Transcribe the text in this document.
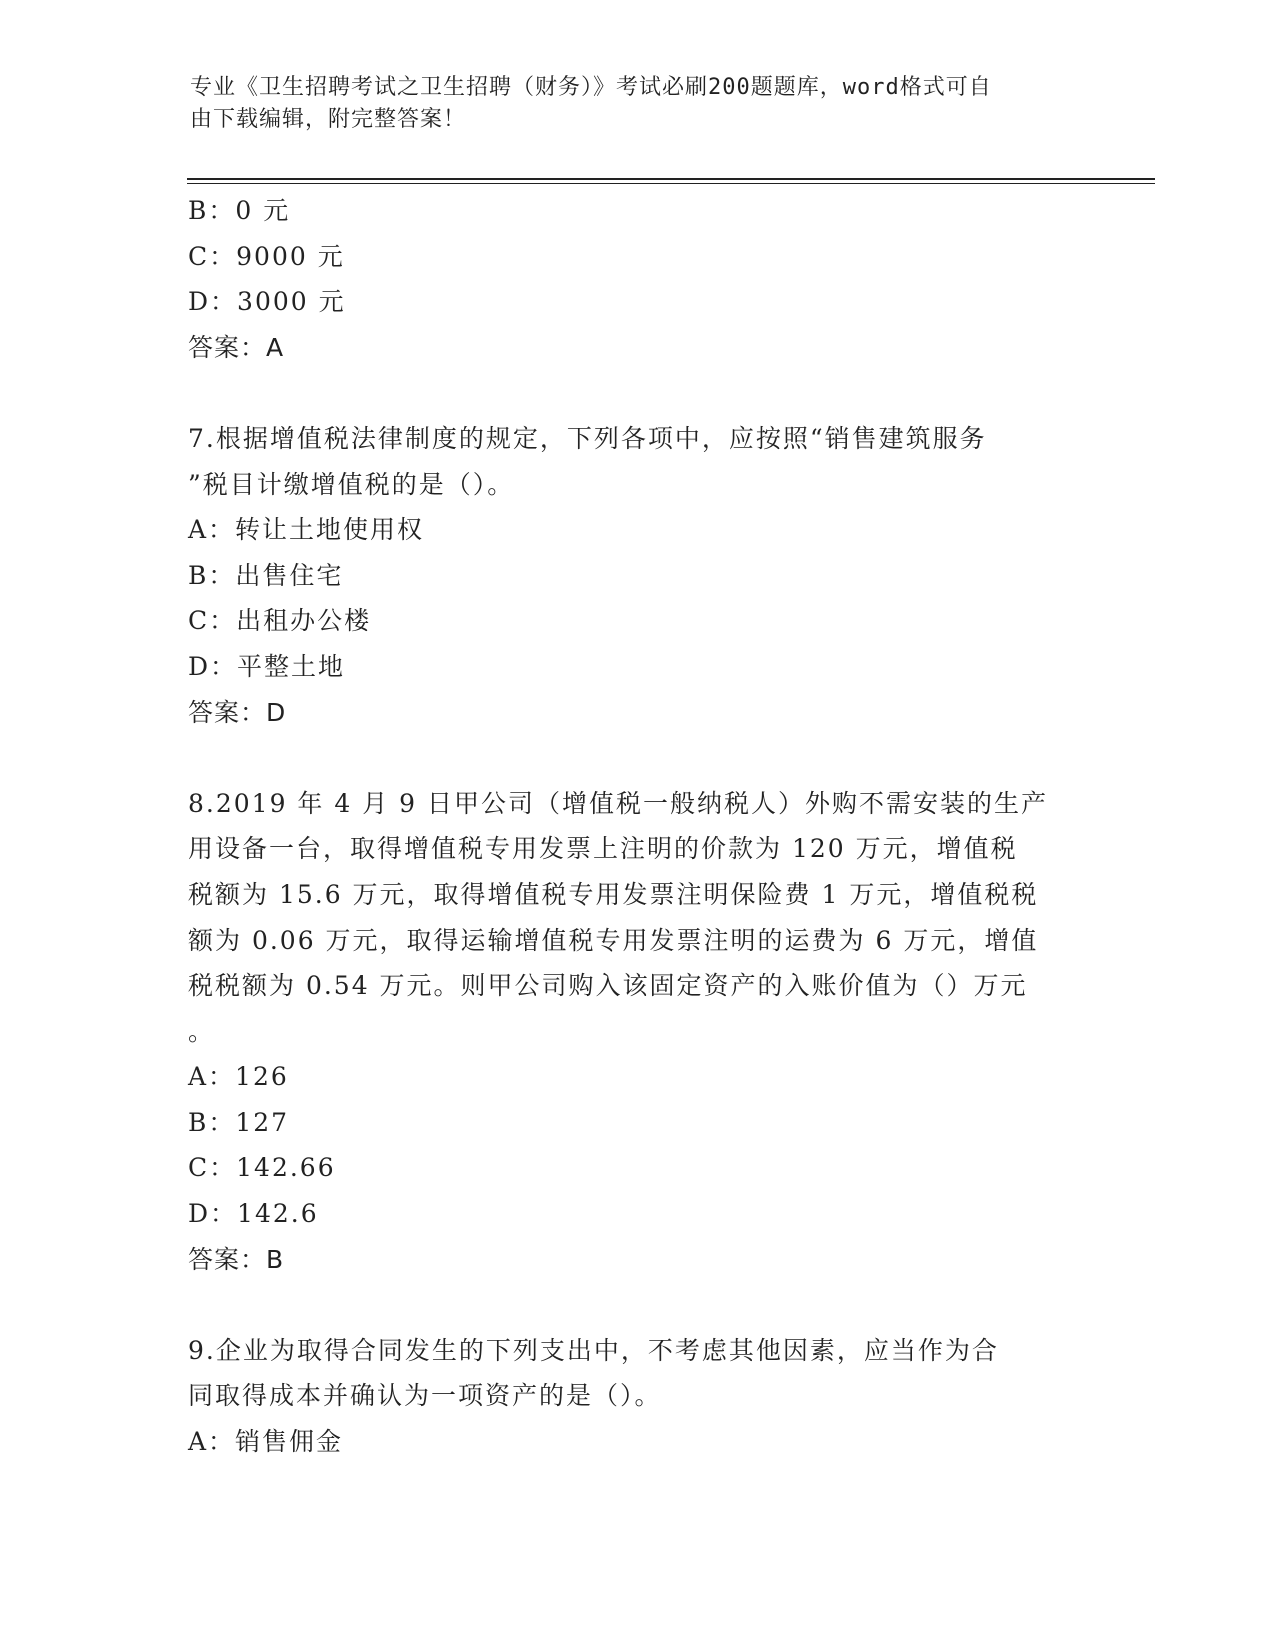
专业《卫生招聘考试之卫生招聘（财务）》考试必刷200题题库，word格式可自
由下载编辑，附完整答案！
B：0 元
C：9000 元
D：3000 元
答案：A
7.根据增值税法律制度的规定，下列各项中，应按照“销售建筑服务
”税目计缴增值税的是（）。
A：转让土地使用权
B：出售住宅
C：出租办公楼
D：平整土地
答案：D
8.2019 年 4 月 9 日甲公司（增值税一般纳税人）外购不需安装的生产
用设备一台，取得增值税专用发票上注明的价款为 120 万元，增值税
税额为 15.6 万元，取得增值税专用发票注明保险费 1 万元，增值税税
额为 0.06 万元，取得运输增值税专用发票注明的运费为 6 万元，增值
税税额为 0.54 万元。则甲公司购入该固定资产的入账价值为（）万元
。
A：126
B：127
C：142.66
D：142.6
答案：B
9.企业为取得合同发生的下列支出中，不考虑其他因素，应当作为合
同取得成本并确认为一项资产的是（）。
A：销售佣金
